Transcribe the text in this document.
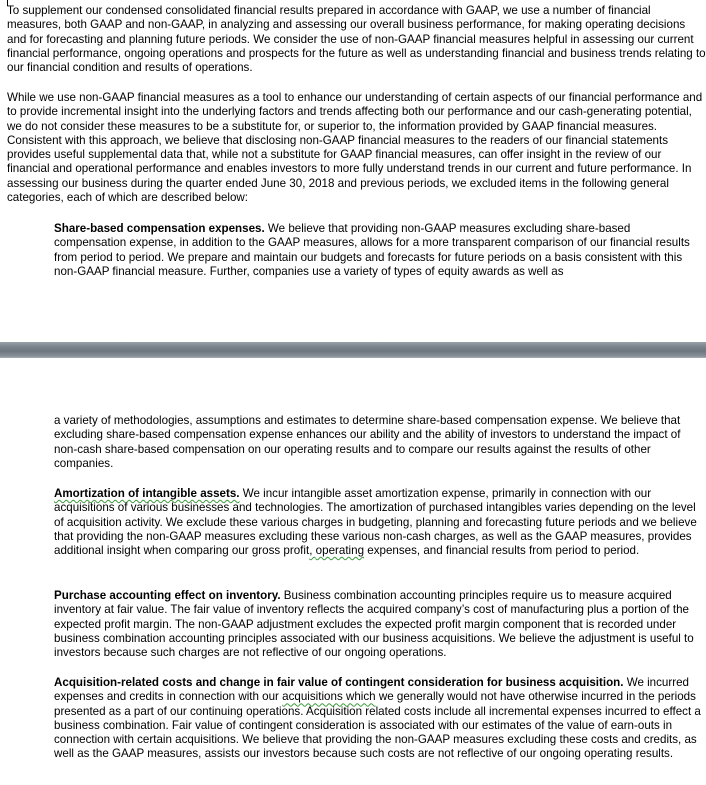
To supplement our condensed consolidated financial results prepared in accordance with GAAP, we use a number of financial measures, both GAAP and non-GAAP, in analyzing and assessing our overall business performance, for making operating decisions and for forecasting and planning future periods. We consider the use of non-GAAP financial measures helpful in assessing our current financial performance, ongoing operations and prospects for the future as well as understanding financial and business trends relating to our financial condition and results of operations.

While we use non-GAAP financial measures as a tool to enhance our understanding of certain aspects of our financial performance and to provide incremental insight into the underlying factors and trends affecting both our performance and our cash-generating potential, we do not consider these measures to be a substitute for, or superior to, the information provided by GAAP financial measures. Consistent with this approach, we believe that disclosing non-GAAP financial measures to the readers of our financial statements provides useful supplemental data that, while not a substitute for GAAP financial measures, can offer insight in the review of our financial and operational performance and enables investors to more fully understand trends in our current and future performance. In assessing our business during the quarter ended June 30, 2018 and previous periods, we excluded items in the following general categories, each of which are described below:

Share-based compensation expenses. We believe that providing non-GAAP measures excluding share-based compensation expense, in addition to the GAAP measures, allows for a more transparent comparison of our financial results from period to period. We prepare and maintain our budgets and forecasts for future periods on a basis consistent with this non-GAAP financial measure. Further, companies use a variety of types of equity awards as well as

a variety of methodologies, assumptions and estimates to determine share-based compensation expense. We believe that excluding share-based compensation expense enhances our ability and the ability of investors to understand the impact of non-cash share-based compensation on our operating results and to compare our results against the results of other companies.

Amortization of intangible assets. We incur intangible asset amortization expense, primarily in connection with our acquisitions of various businesses and technologies. The amortization of purchased intangibles varies depending on the level of acquisition activity. We exclude these various charges in budgeting, planning and forecasting future periods and we believe that providing the non-GAAP measures excluding these various non-cash charges, as well as the GAAP measures, provides additional insight when comparing our gross profit, operating expenses, and financial results from period to period.

Purchase accounting effect on inventory. Business combination accounting principles require us to measure acquired inventory at fair value. The fair value of inventory reflects the acquired company’s cost of manufacturing plus a portion of the expected profit margin. The non-GAAP adjustment excludes the expected profit margin component that is recorded under business combination accounting principles associated with our business acquisitions. We believe the adjustment is useful to investors because such charges are not reflective of our ongoing operations.

Acquisition-related costs and change in fair value of contingent consideration for business acquisition. We incurred expenses and credits in connection with our acquisitions which we generally would not have otherwise incurred in the periods presented as a part of our continuing operations. Acquisition related costs include all incremental expenses incurred to effect a business combination. Fair value of contingent consideration is associated with our estimates of the value of earn-outs in connection with certain acquisitions. We believe that providing the non-GAAP measures excluding these costs and credits, as well as the GAAP measures, assists our investors because such costs are not reflective of our ongoing operating results.
